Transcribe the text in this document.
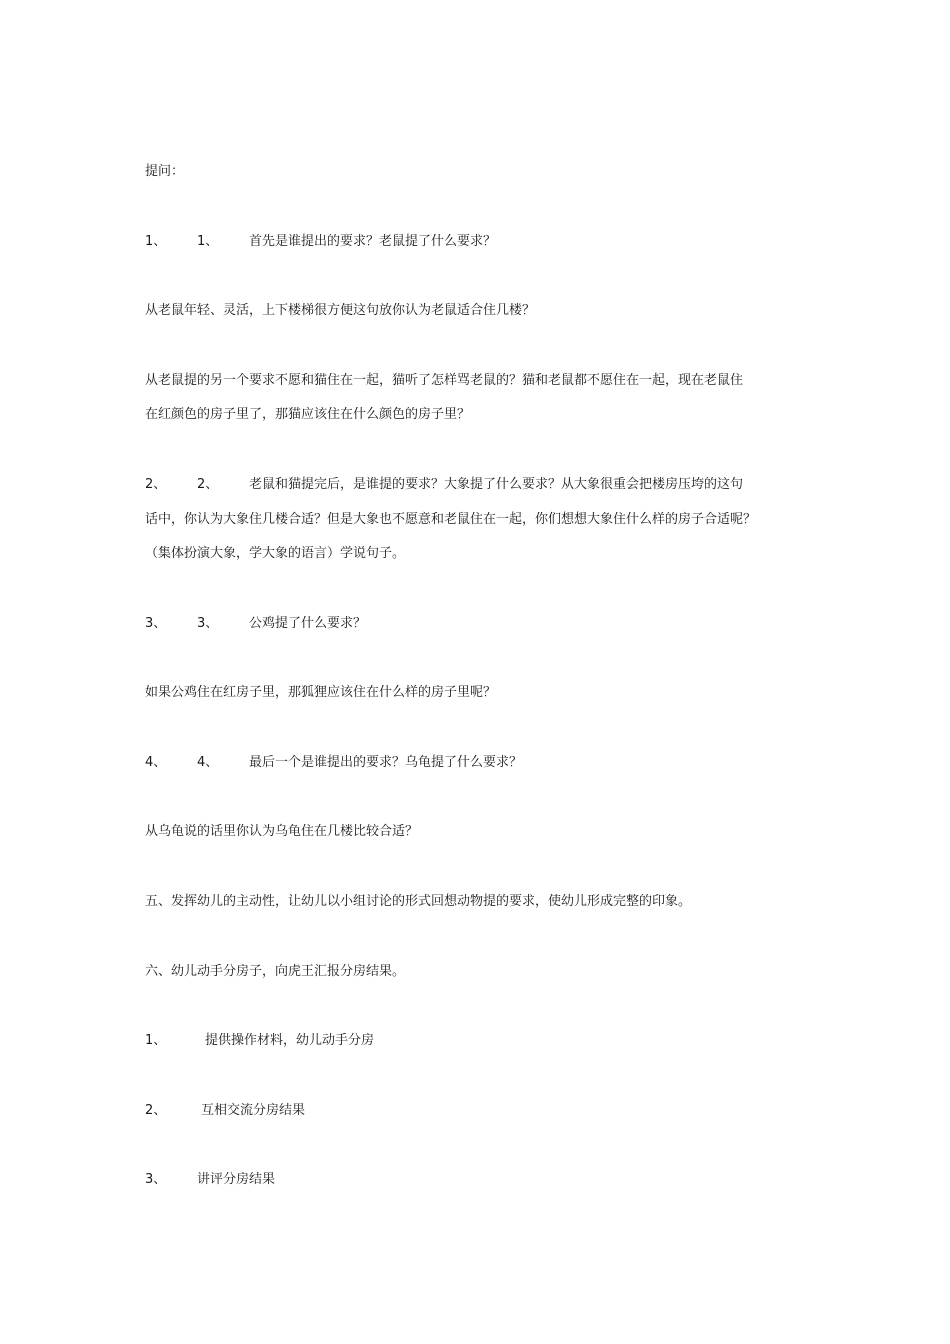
提问：
1、 1、 首先是谁提出的要求？老鼠提了什么要求？
从老鼠年轻、灵活，上下楼梯很方便这句放你认为老鼠适合住几楼？
从老鼠提的另一个要求不愿和猫住在一起，猫听了怎样骂老鼠的？猫和老鼠都不愿住在一起，现在老鼠住
在红颜色的房子里了，那猫应该住在什么颜色的房子里？
2、 2、 老鼠和猫提完后，是谁提的要求？大象提了什么要求？从大象很重会把楼房压垮的这句
话中，你认为大象住几楼合适？但是大象也不愿意和老鼠住在一起，你们想想大象住什么样的房子合适呢？
（集体扮演大象，学大象的语言）学说句子。
3、 3、 公鸡提了什么要求？
如果公鸡住在红房子里，那狐狸应该住在什么样的房子里呢？
4、 4、 最后一个是谁提出的要求？乌龟提了什么要求？
从乌龟说的话里你认为乌龟住在几楼比较合适？
五、发挥幼儿的主动性，让幼儿以小组讨论的形式回想动物提的要求，使幼儿形成完整的印象。
六、幼儿动手分房子，向虎王汇报分房结果。
1、	提供操作材料，幼儿动手分房
2、	互相交流分房结果
3、 讲评分房结果
